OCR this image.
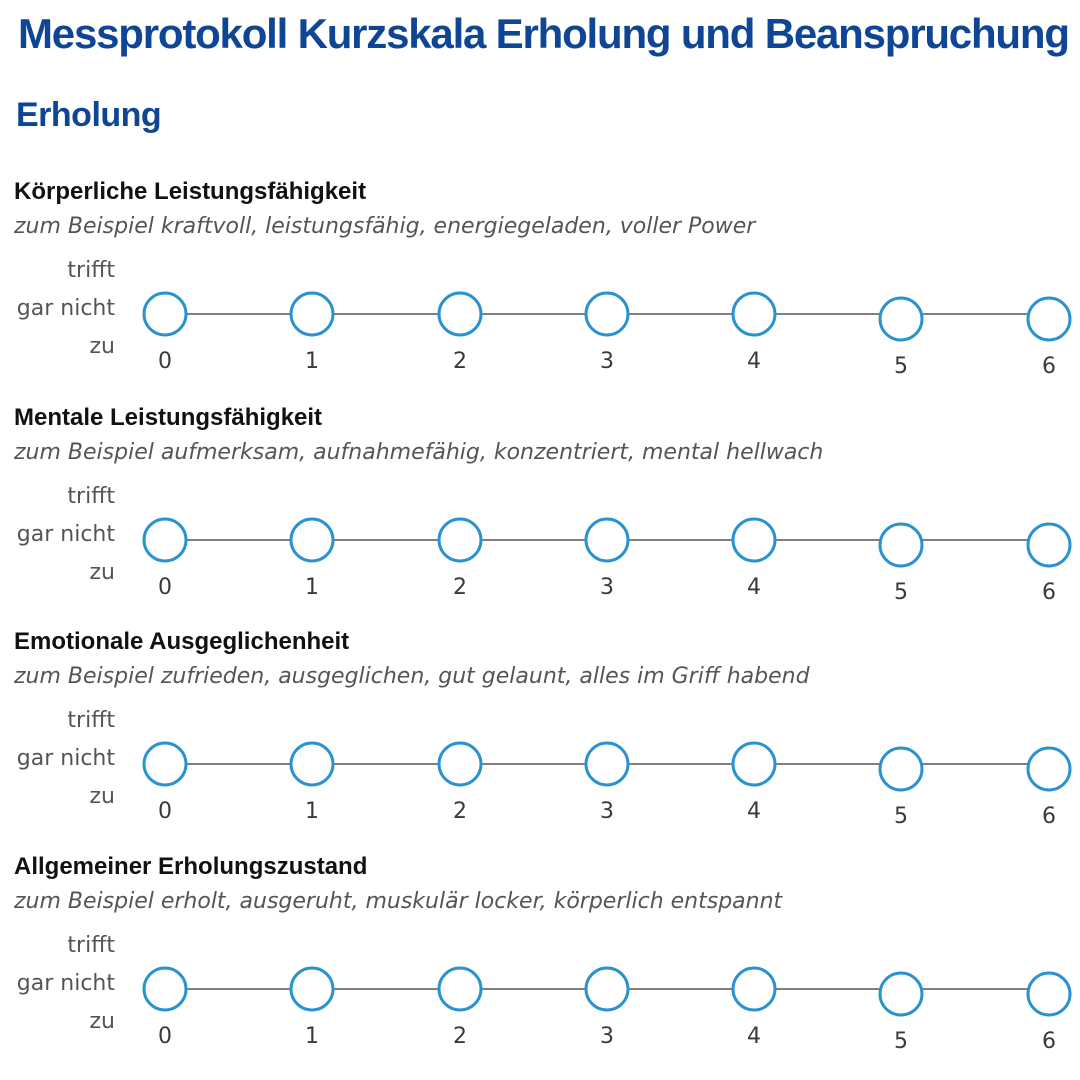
Messprotokoll Kurzskala Erholung und Beanspruchung
Erholung
Körperliche Leistungsfähigkeit
zum Beispiel kraftvoll, leistungsfähig, energiegeladen, voller Power
trifft
gar nicht
zu
0	1	2	3	4	5	6
Mentale Leistungsfähigkeit
zum Beispiel aufmerksam, aufnahmefähig, konzentriert, mental hellwach
trifft
gar nicht
zu
0	1	2	3	4	5	6
Emotionale Ausgeglichenheit
zum Beispiel zufrieden, ausgeglichen, gut gelaunt, alles im Griff habend
trifft
gar nicht
zu
0	1	2	3	4	5	6
Allgemeiner Erholungszustand
zum Beispiel erholt, ausgeruht, muskulär locker, körperlich entspannt
trifft
gar nicht
zu
0	1	2	3	4	5	6
